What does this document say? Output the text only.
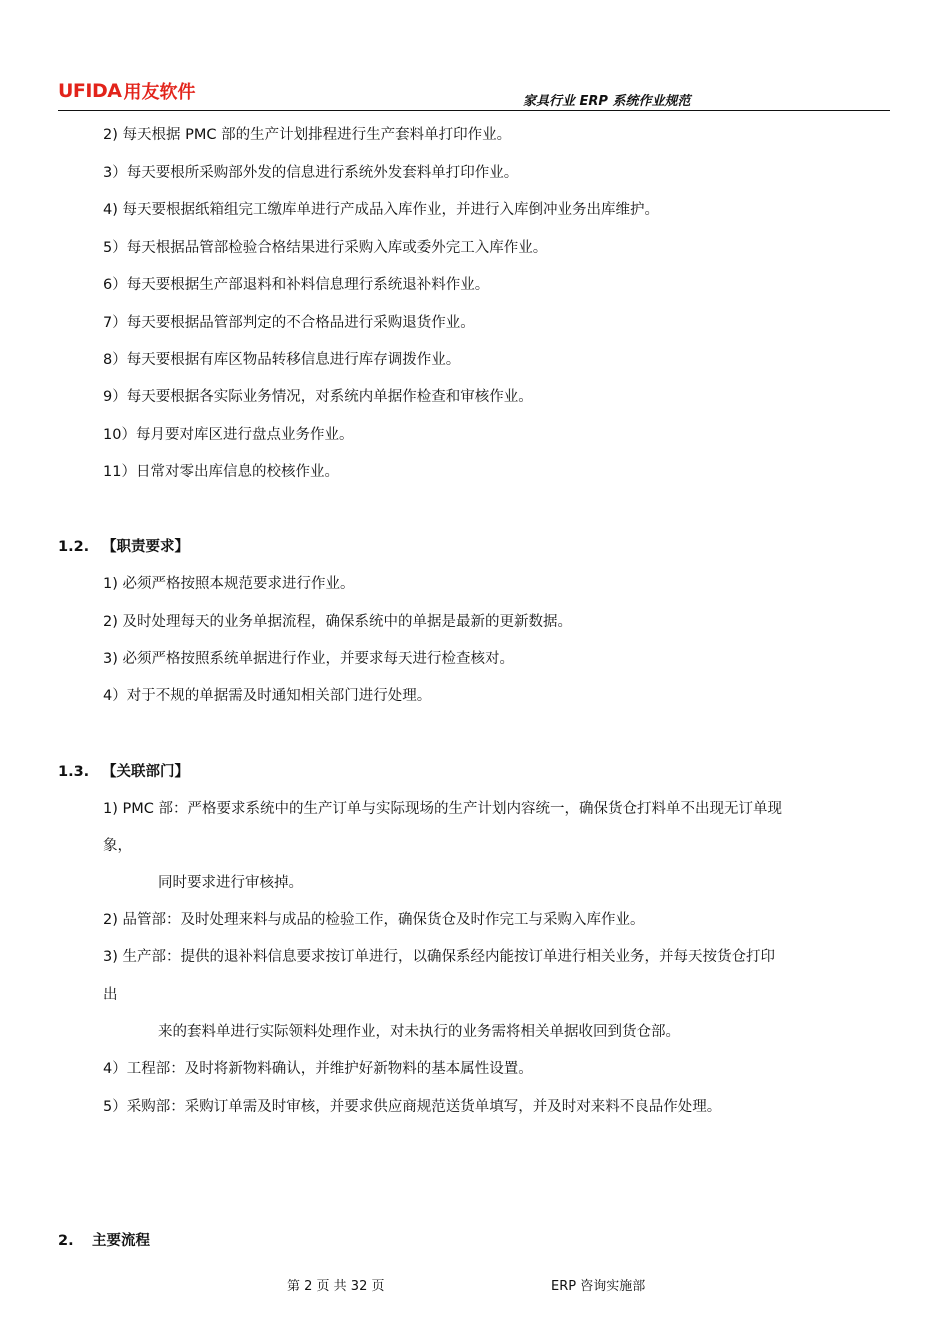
UFIDA 用友软件	家具行业 ERP 系统作业规范
2) 每天根据 PMC 部的生产计划排程进行生产套料单打印作业。
3）每天要根所采购部外发的信息进行系统外发套料单打印作业。
4) 每天要根据纸箱组完工缴库单进行产成品入库作业，并进行入库倒冲业务出库维护。
5）每天根据品管部检验合格结果进行采购入库或委外完工入库作业。
6）每天要根据生产部退料和补料信息理行系统退补料作业。
7）每天要根据品管部判定的不合格品进行采购退货作业。
8）每天要根据有库区物品转移信息进行库存调拨作业。
9）每天要根据各实际业务情况，对系统内单据作检查和审核作业。
10）每月要对库区进行盘点业务作业。
11）日常对零出库信息的校核作业。
1.2. 【职责要求】
1) 必须严格按照本规范要求进行作业。
2) 及时处理每天的业务单据流程，确保系统中的单据是最新的更新数据。
3) 必须严格按照系统单据进行作业，并要求每天进行检查核对。
4）对于不规的单据需及时通知相关部门进行处理。
1.3. 【关联部门】
1) PMC 部：严格要求系统中的生产订单与实际现场的生产计划内容统一，确保货仓打料单不出现无订单现
象，
同时要求进行审核掉。
2) 品管部：及时处理来料与成品的检验工作，确保货仓及时作完工与采购入库作业。
3) 生产部：提供的退补料信息要求按订单进行，以确保系经内能按订单进行相关业务，并每天按货仓打印
出
来的套料单进行实际领料处理作业，对未执行的业务需将相关单据收回到货仓部。
4）工程部：及时将新物料确认，并维护好新物料的基本属性设置。
5）采购部：采购订单需及时审核，并要求供应商规范送货单填写，并及时对来料不良品作处理。
2. 主要流程
第 2 页 共 32 页	ERP 咨询实施部
